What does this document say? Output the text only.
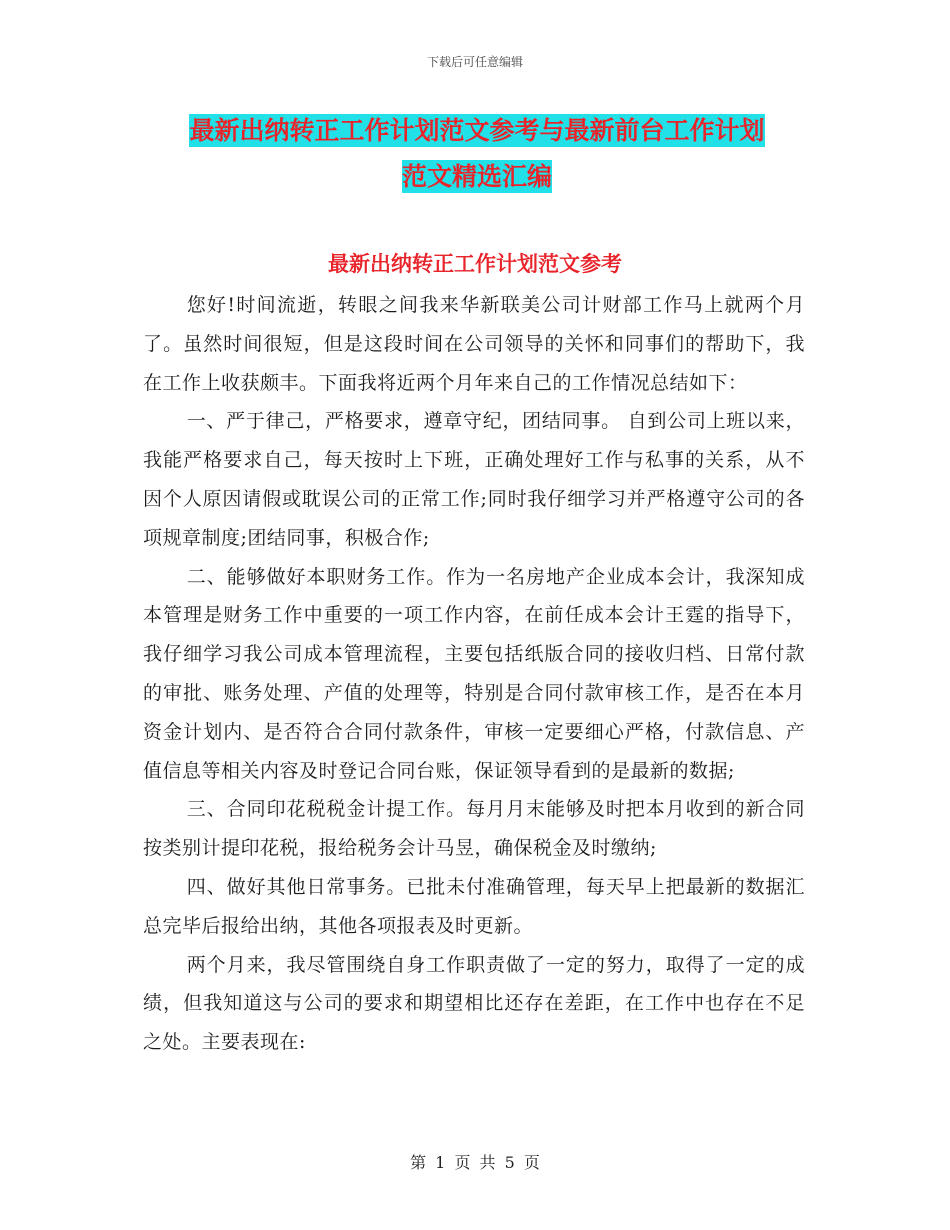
下载后可任意编辑
最新出纳转正工作计划范文参考与最新前台工作计划
范文精选汇编
最新出纳转正工作计划范文参考

您好!时间流逝，转眼之间我来华新联美公司计财部工作马上就两个月了。虽然时间很短，但是这段时间在公司领导的关怀和同事们的帮助下，我在工作上收获颇丰。下面我将近两个月年来自己的工作情况总结如下：

一、严于律己，严格要求，遵章守纪，团结同事。 自到公司上班以来，我能严格要求自己，每天按时上下班，正确处理好工作与私事的关系，从不因个人原因请假或耽误公司的正常工作;同时我仔细学习并严格遵守公司的各项规章制度;团结同事，积极合作;

二、能够做好本职财务工作。作为一名房地产企业成本会计，我深知成本管理是财务工作中重要的一项工作内容，在前任成本会计王霆的指导下，我仔细学习我公司成本管理流程，主要包括纸版合同的接收归档、日常付款的审批、账务处理、产值的处理等，特别是合同付款审核工作，是否在本月资金计划内、是否符合合同付款条件，审核一定要细心严格，付款信息、产值信息等相关内容及时登记合同台账，保证领导看到的是最新的数据;

三、合同印花税税金计提工作。每月月末能够及时把本月收到的新合同按类别计提印花税，报给税务会计马昱，确保税金及时缴纳;

四、做好其他日常事务。已批未付准确管理，每天早上把最新的数据汇总完毕后报给出纳，其他各项报表及时更新。

两个月来，我尽管围绕自身工作职责做了一定的努力，取得了一定的成绩，但我知道这与公司的要求和期望相比还存在差距，在工作中也存在不足之处。主要表现在:

第 1 页 共 5 页
